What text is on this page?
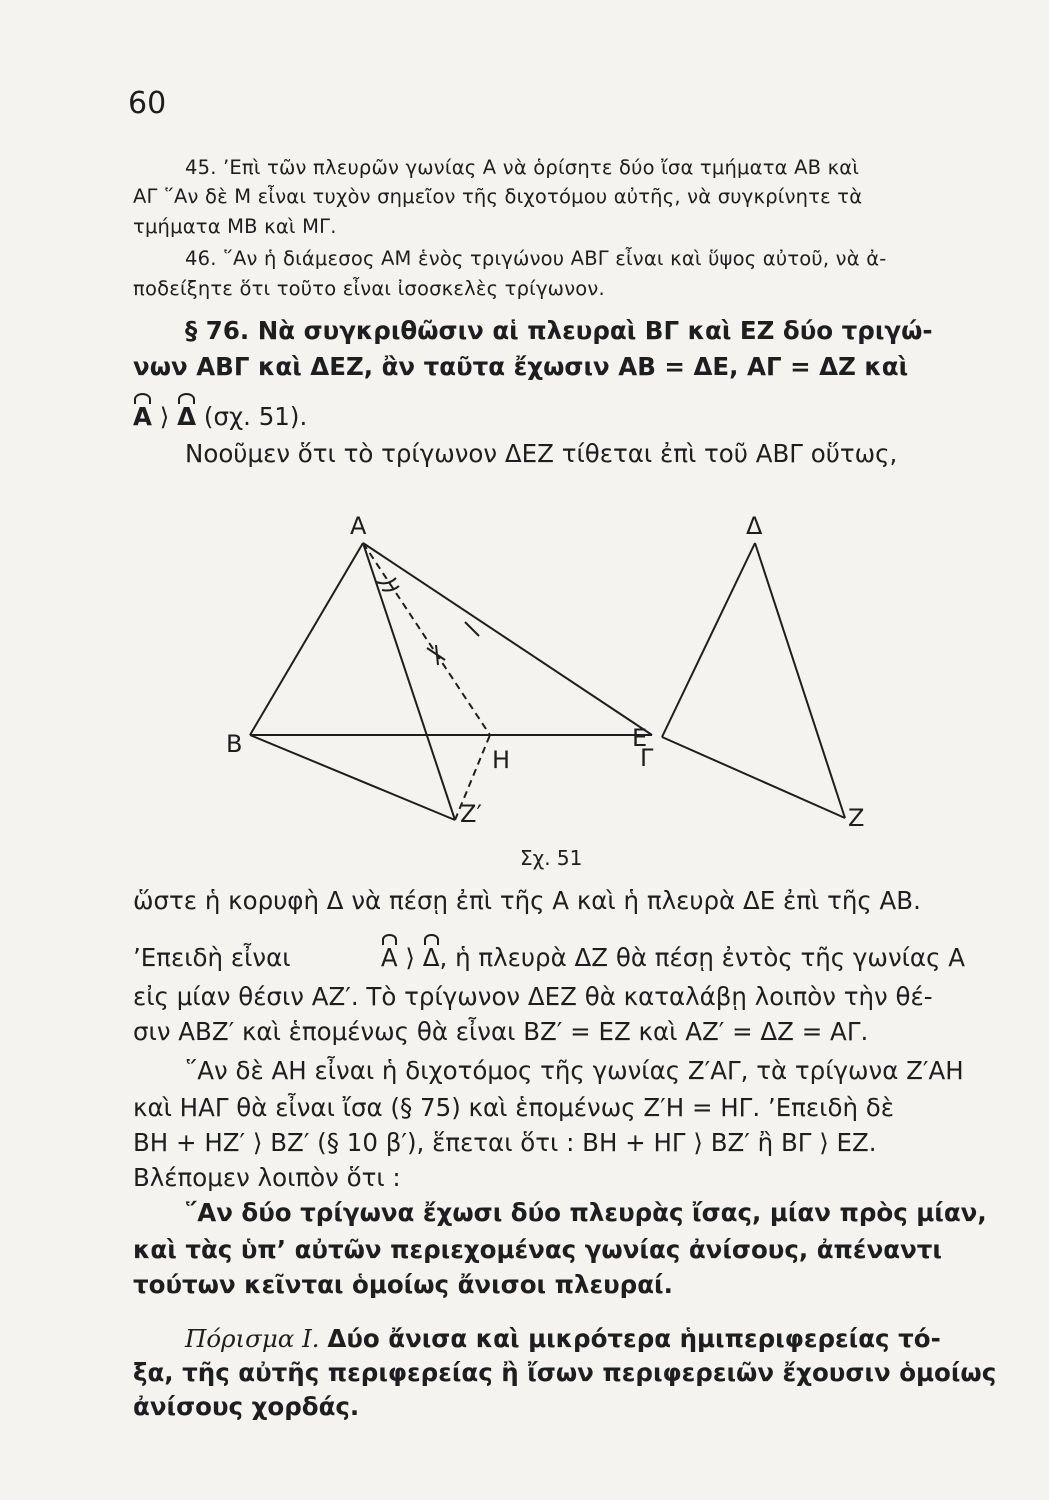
60
45. ’Επὶ τῶν πλευρῶν γωνίας Α νὰ ὁρίσητε δύο ἴσα τμήματα ΑΒ καὶ
ΑΓ ῞Αν δὲ Μ εἶναι τυχὸν σημεῖον τῆς διχοτόμου αὐτῆς, νὰ συγκρίνητε τὰ
τμήματα ΜΒ καὶ ΜΓ.
46. ῞Αν ἡ διάμεσος ΑΜ ἑνὸς τριγώνου ΑΒΓ εἶναι καὶ ὕψος αὐτοῦ, νὰ ἀ-
ποδείξητε ὅτι τοῦτο εἶναι ἰσοσκελὲς τρίγωνον.
§ 76. Νὰ συγκριθῶσιν αἱ πλευραὶ ΒΓ καὶ ΕΖ δύο τριγώ-
νων ΑΒΓ καὶ ΔΕΖ, ἂν ταῦτα ἔχωσιν ΑΒ = ΔΕ, ΑΓ = ΔΖ καὶ
Α ⟩ Δ (σχ. 51).
Νοοῦμεν ὅτι τὸ τρίγωνον ΔΕΖ τίθεται ἐπὶ τοῦ ΑΒΓ οὕτως,
Α
Β
Η	Γ
Ζ′
Δ
Ε
Ζ
Σχ. 51
ὥστε ἡ κορυφὴ Δ νὰ πέσῃ ἐπὶ τῆς Α καὶ ἡ πλευρὰ ΔΕ ἐπὶ τῆς ΑΒ.
’Επειδὴ εἶναι	Α ⟩ Δ, ἡ πλευρὰ ΔΖ θὰ πέσῃ ἐντὸς τῆς γωνίας Α
εἰς μίαν θέσιν ΑΖ′. Τὸ τρίγωνον ΔΕΖ θὰ καταλάβῃ λοιπὸν τὴν θέ-
σιν ΑΒΖ′ καὶ ἑπομένως θὰ εἶναι ΒΖ′ = ΕΖ καὶ ΑΖ′ = ΔΖ = ΑΓ.
῞Αν δὲ ΑΗ εἶναι ἡ διχοτόμος τῆς γωνίας Ζ′ΑΓ, τὰ τρίγωνα Ζ′ΑΗ
καὶ ΗΑΓ θὰ εἶναι ἴσα (§ 75) καὶ ἑπομένως Ζ′Η = ΗΓ. ’Επειδὴ δὲ
ΒΗ + ΗΖ′ ⟩ ΒΖ′ (§ 10 β′), ἕπεται ὅτι : ΒΗ + ΗΓ ⟩ ΒΖ′ ἢ ΒΓ ⟩ ΕΖ.
Βλέπομεν λοιπὸν ὅτι :
῞Αν δύο τρίγωνα ἔχωσι δύο πλευρὰς ἴσας, μίαν πρὸς μίαν,
καὶ τὰς ὑπ’ αὐτῶν περιεχομένας γωνίας ἀνίσους, ἀπέναντι
τούτων κεῖνται ὁμοίως ἄνισοι πλευραί.
Πόρισμα Ι. Δύο ἄνισα καὶ μικρότερα ἡμιπεριφερείας τό-
ξα, τῆς αὐτῆς περιφερείας ἢ ἴσων περιφερειῶν ἔχουσιν ὁμοίως
ἀνίσους χορδάς.
